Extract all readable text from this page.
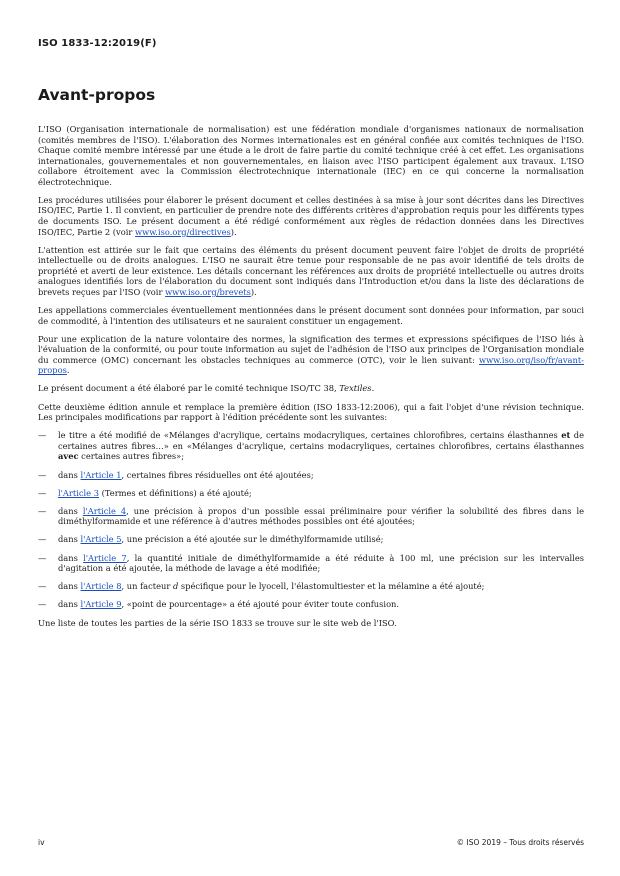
ISO 1833-12:2019(F)
Avant-propos

L'ISO (Organisation internationale de normalisation) est une fédération mondiale d'organismes nationaux de normalisation (comités membres de l'ISO). L'élaboration des Normes internationales est en général confiée aux comités techniques de l'ISO. Chaque comité membre intéressé par une étude a le droit de faire partie du comité technique créé à cet effet. Les organisations internationales, gouvernementales et non gouvernementales, en liaison avec l'ISO participent également aux travaux. L'ISO collabore étroitement avec la Commission électrotechnique internationale (IEC) en ce qui concerne la normalisation électrotechnique.

Les procédures utilisées pour élaborer le présent document et celles destinées à sa mise à jour sont décrites dans les Directives ISO/IEC, Partie 1. Il convient, en particulier de prendre note des différents critères d'approbation requis pour les différents types de documents ISO. Le présent document a été rédigé conformément aux règles de rédaction données dans les Directives ISO/IEC, Partie 2 (voir www.iso.org/directives).

L'attention est attirée sur le fait que certains des éléments du présent document peuvent faire l'objet de droits de propriété intellectuelle ou de droits analogues. L'ISO ne saurait être tenue pour responsable de ne pas avoir identifié de tels droits de propriété et averti de leur existence. Les détails concernant les références aux droits de propriété intellectuelle ou autres droits analogues identifiés lors de l'élaboration du document sont indiqués dans l'Introduction et/ou dans la liste des déclarations de brevets reçues par l'ISO (voir www.iso.org/brevets).

Les appellations commerciales éventuellement mentionnées dans le présent document sont données pour information, par souci de commodité, à l'intention des utilisateurs et ne sauraient constituer un engagement.

Pour une explication de la nature volontaire des normes, la signification des termes et expressions spécifiques de l'ISO liés à l'évaluation de la conformité, ou pour toute information au sujet de l'adhésion de l'ISO aux principes de l'Organisation mondiale du commerce (OMC) concernant les obstacles techniques au commerce (OTC), voir le lien suivant: www.iso.org/iso/fr/avant-propos.

Le présent document a été élaboré par le comité technique ISO/TC 38, Textiles.

Cette deuxième édition annule et remplace la première édition (ISO 1833-12:2006), qui a fait l'objet d'une révision technique. Les principales modifications par rapport à l'édition précédente sont les suivantes:

— le titre a été modifié de «Mélanges d'acrylique, certains modacryliques, certaines chlorofibres, certains élasthannes et de certaines autres fibres…» en «Mélanges d'acrylique, certains modacryliques, certaines chlorofibres, certains élasthannes avec certaines autres fibres»;
— dans l'Article 1, certaines fibres résiduelles ont été ajoutées;
— l'Article 3 (Termes et définitions) a été ajouté;
— dans l'Article 4, une précision à propos d'un possible essai préliminaire pour vérifier la solubilité des fibres dans le diméthylformamide et une référence à d'autres méthodes possibles ont été ajoutées;
— dans l'Article 5, une précision a été ajoutée sur le diméthylformamide utilisé;
— dans l'Article 7, la quantité initiale de diméthylformamide a été réduite à 100 ml, une précision sur les intervalles d'agitation a été ajoutée, la méthode de lavage a été modifiée;
— dans l'Article 8, un facteur d spécifique pour le lyocell, l'élastomultiester et la mélamine a été ajouté;
— dans l'Article 9, «point de pourcentage» a été ajouté pour éviter toute confusion.

Une liste de toutes les parties de la série ISO 1833 se trouve sur le site web de l'ISO.

iv	© ISO 2019 – Tous droits réservés
